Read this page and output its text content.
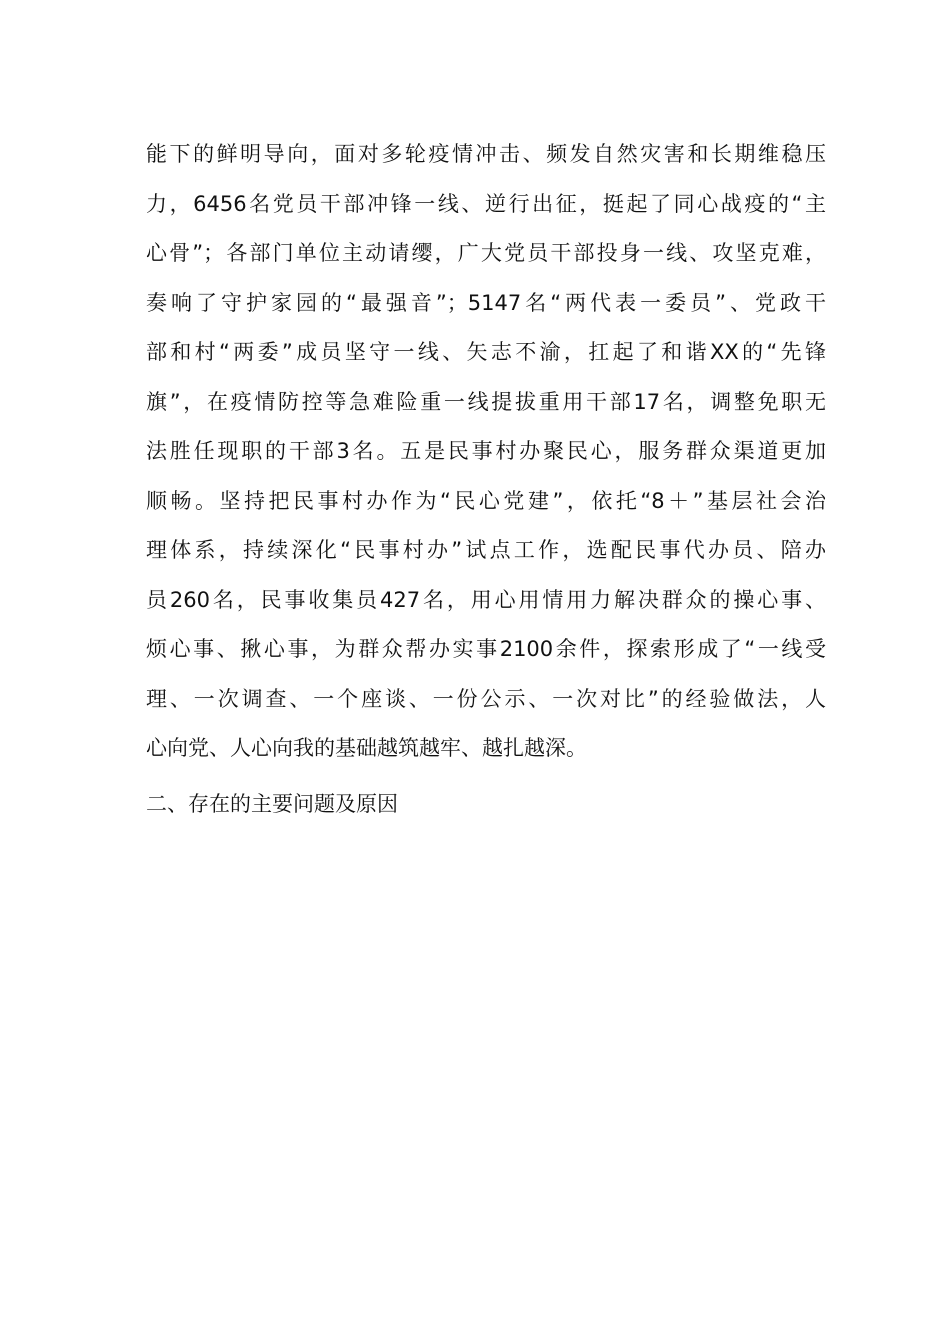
能下的鲜明导向，面对多轮疫情冲击、频发自然灾害和长期维稳压
力，6456名党员干部冲锋一线、逆行出征，挺起了同心战疫的“主
心骨”；各部门单位主动请缨，广大党员干部投身一线、攻坚克难，
奏响了守护家园的“最强音”；5147名“两代表一委员”、党政干
部和村“两委”成员坚守一线、矢志不渝，扛起了和谐XX的“先锋
旗”，在疫情防控等急难险重一线提拔重用干部17名，调整免职无
法胜任现职的干部3名。五是民事村办聚民心，服务群众渠道更加
顺畅。坚持把民事村办作为“民心党建”，依托“8＋”基层社会治
理体系，持续深化“民事村办”试点工作，选配民事代办员、陪办
员260名，民事收集员427名，用心用情用力解决群众的操心事、
烦心事、揪心事，为群众帮办实事2100余件，探索形成了“一线受
理、一次调查、一个座谈、一份公示、一次对比”的经验做法，人
心向党、人心向我的基础越筑越牢、越扎越深。
二、存在的主要问题及原因
